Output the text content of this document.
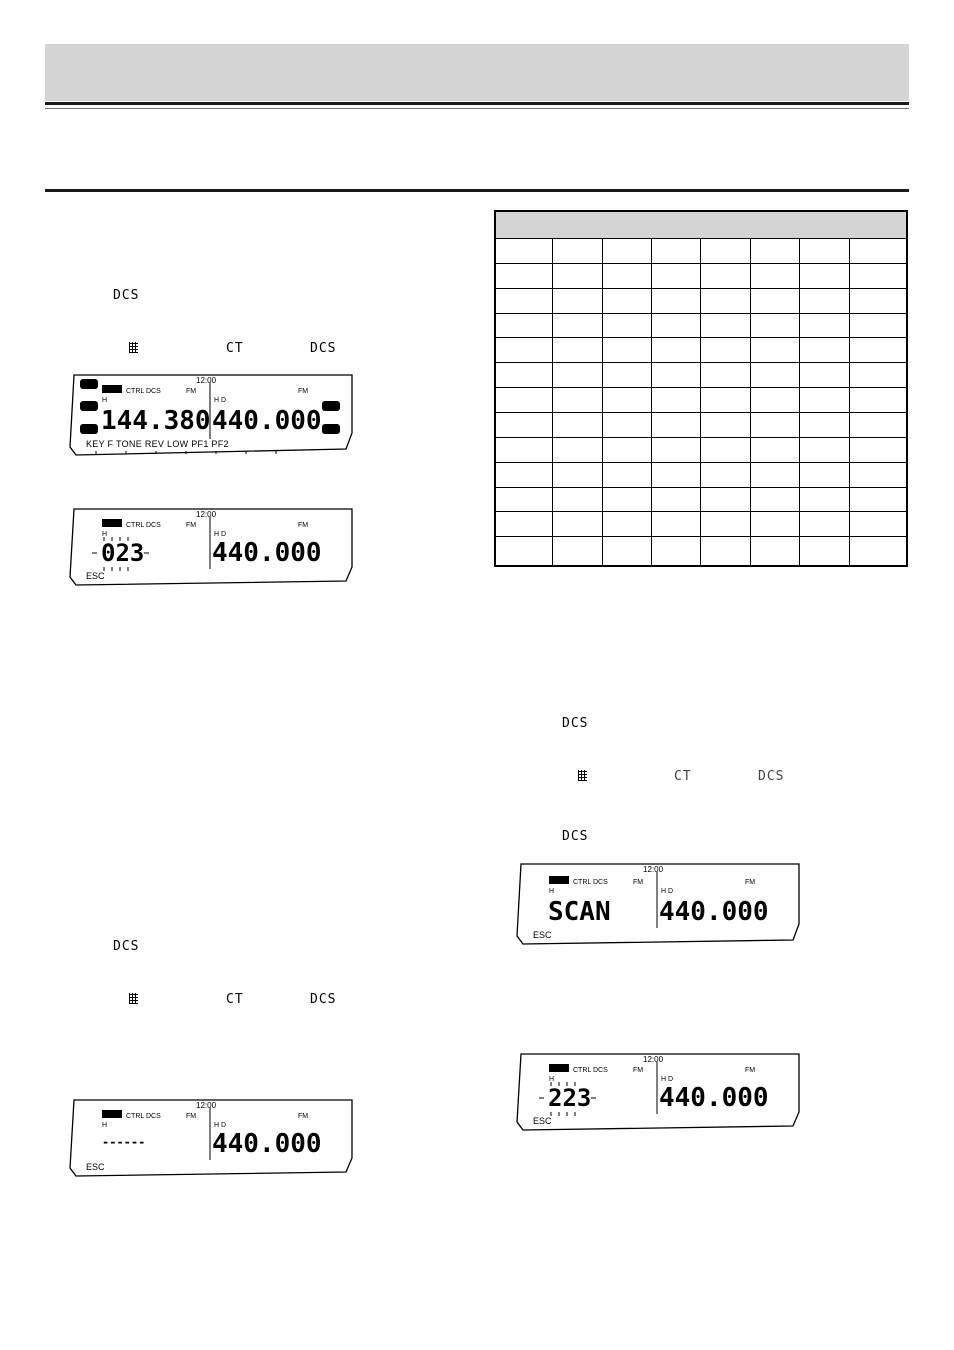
DCS
CT	DCS
DCS
CT	DCS
DCS
CT	DCS
DCS
12:00
CTRL DCS	FM	FM
H	H D
144.380 440.000
KEY F TONE REV LOW PF1 PF2
12:00
CTRL DCS	FM	FM
H	H D
023	440.000
ESC

12:00
CTRL DCS	FM	FM
H	H D
------	440.000
ESC
12:00
CTRL DCS	FM	FM
H	H D
SCAN 440.000
ESC
12:00
CTRL DCS	FM	FM
H	H D
223	440.000
ESC
